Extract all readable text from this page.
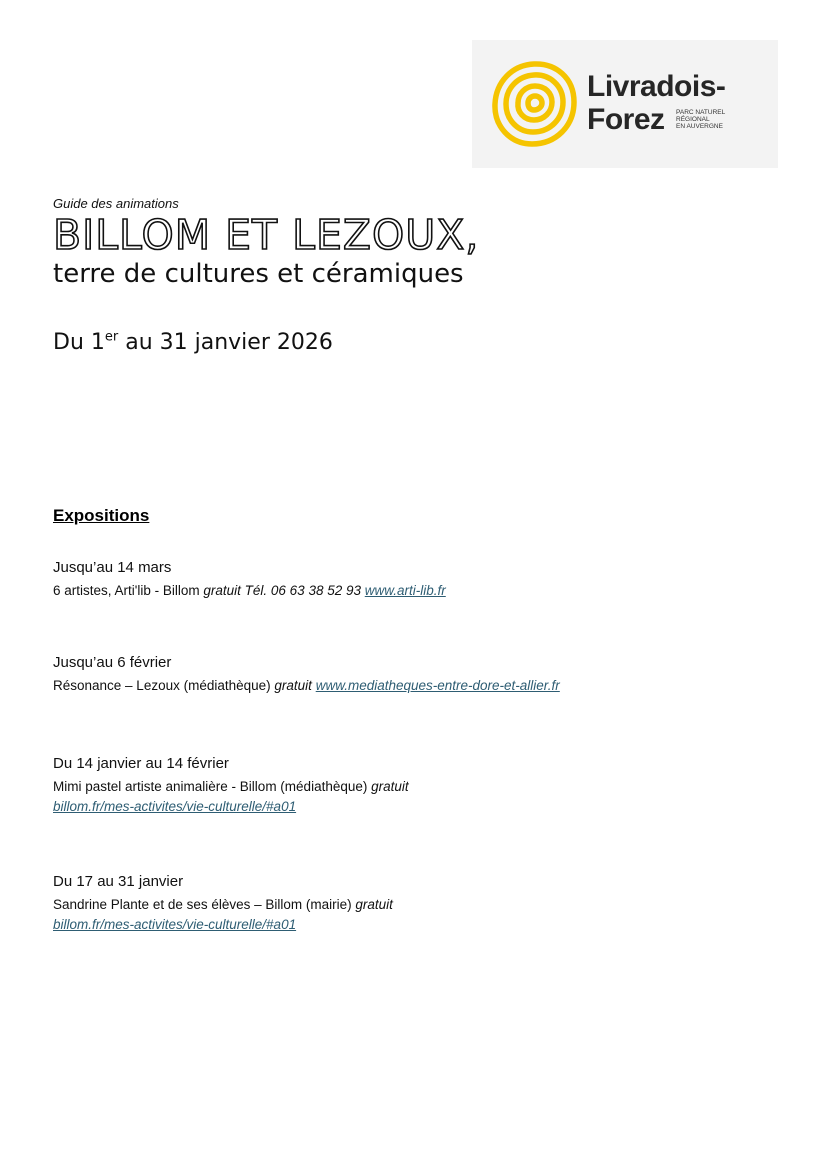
Livradois-
Forez	PARC NATUREL
RÉGIONAL
EN AUVERGNE
Guide des animations
BILLOM ET LEZOUX,
terre de cultures et céramiques
Du 1er au 31 janvier 2026
Expositions
Jusqu’au 14 mars
6 artistes, Arti'lib - Billom gratuit Tél. 06 63 38 52 93 www.arti-lib.fr
Jusqu’au 6 février
Résonance – Lezoux (médiathèque) gratuit www.mediatheques-entre-dore-et-allier.fr
Du 14 janvier au 14 février
Mimi pastel artiste animalière - Billom (médiathèque) gratuit
billom.fr/mes-activites/vie-culturelle/#a01
Du 17 au 31 janvier
Sandrine Plante et de ses élèves – Billom (mairie) gratuit
billom.fr/mes-activites/vie-culturelle/#a01
